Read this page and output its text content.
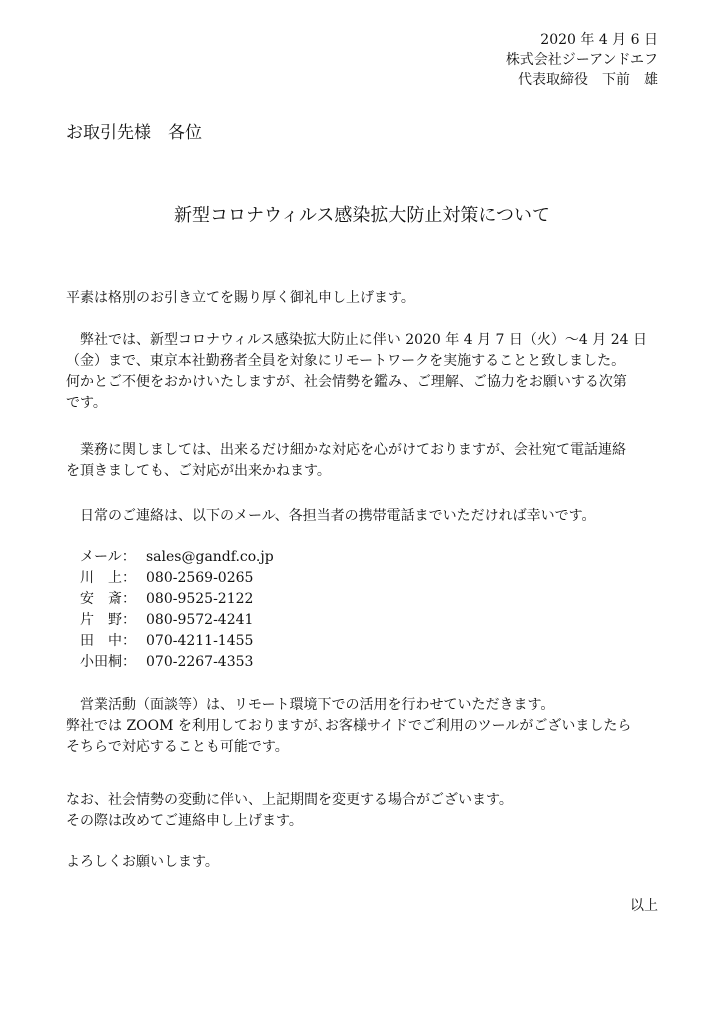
2020 年 4 月 6 日
株式会社ジーアンドエフ
代表取締役　下前　雄
お取引先様　各位
新型コロナウィルス感染拡大防止対策について

平素は格別のお引き立てを賜り厚く御礼申し上げます。

弊社では、新型コロナウィルス感染拡大防止に伴い 2020 年 4 月 7 日（火）～4 月 24 日

（金）まで、東京本社勤務者全員を対象にリモートワークを実施することと致しました。

何かとご不便をおかけいたしますが、社会情勢を鑑み、ご理解、ご協力をお願いする次第

です。

業務に関しましては、出来るだけ細かな対応を心がけておりますが、会社宛て電話連絡

を頂きましても、ご対応が出来かねます。

日常のご連絡は、以下のメール、各担当者の携帯電話までいただければ幸いです。

メール： sales@gandf.co.jp
川　上： 080-2569-0265
安　斎： 080-9525-2122
片　野： 080-9572-4241
田　中： 070-4211-1455
小田桐： 070-2267-4353

営業活動（面談等）は、リモート環境下での活用を行わせていただきます。

弊社では ZOOM を利用しておりますが､お客様サイドでご利用のツールがございましたら

そちらで対応することも可能です。

なお、社会情勢の変動に伴い、上記期間を変更する場合がございます。

その際は改めてご連絡申し上げます。

よろしくお願いします。

以上
